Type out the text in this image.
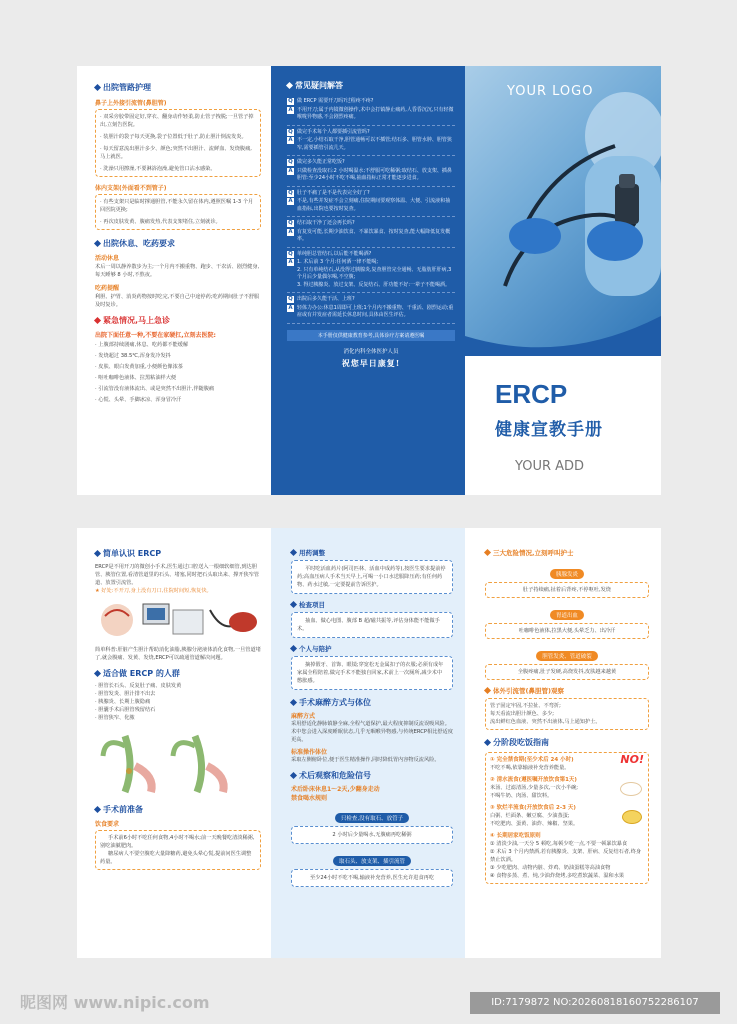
出院管路护理
鼻子上外接引流管(鼻胆管)
· 双采旁胶带固定好,穿衣、翻身动作轻柔,防止管子拽脱;一旦管子掉出,立刻告医院。
· 装胆汁的袋子每天更换,袋子位置低于肚子,防止胆汁倒流发炎。
· 每天留意流出胆汁多少、颜色;突然不出胆汁、流鲜血、发烧腹痛,马上就医。
· 洗澡只用擦澡,不要淋浴泡澡,避免管口沾水感染。
体内支架(外面看不到管子)
· 有些支架只是临时撑通胆管,不能永久留在体内,遵照医嘱 1-3 个月回医院更换;
· 再次皮肤发黄、腹痛发热,代表支架堵住,立刻就诊。
出院休息、吃药要求
活动休息
术后一周以静养散步为主;一个月内不搬重物、跑步、干农活、剧烈健身,每天睡够 8 小时,不熬夜。
吃药提醒
利胆、护胃、消炎药物按时吃完,不要自己中途停药;吃药期间肚子不舒服及时复诊。
紧急情况,马上急诊
出院下面任意一种,不要在家硬扛,立刻去医院:
· 上腹部持续剧痛,休息、吃药都不能缓解
· 发烧超过 38.5℃,浑身发冷发抖
· 皮肤、眼白发黄加重,小便颜色像浓茶
· 呕吐咖啡色液体、拉黑粘油样大便
· 引流管没有液体流出、或是突然不出胆汁,伴随腹痛
· 心慌、头晕、手脚冰凉、浑身冒冷汗
常见疑问解答
Q 做 ERCP 需要开刀吗?过程疼不疼?
A 不用开刀;属于内镜微创操作,术中会打镇静止痛药,人昏昏沉沉,只有轻微喉咙异物感,不会剧烈疼痛。
Q 做完手术每个人都要插引流管吗?
A 不一定,小结石取干净,胆管通畅可以不插管;结石多、胆管水肿、胆管狭窄,需要插管引流几天。
Q 做完多久能正常吃饭?
A 只做检查没取石:2 小时喝温水;不舒服可吃稀粥;取结石、放支架、插鼻胆管:至少24小时不吃不喝,抽血指标正常才能逐步进食。
Q 肚子不痛了是不是代表完全好了?
A 不是,有些并发症不会立刻痛,住院期间要观察体温、大便、引流液和抽血指标,出院也要按时复查。
Q 结石取干净了还会再长吗?
A 有复发可能,长期少油饮食、不暴饮暴食、按时复查,能大幅降低复发概率。
Q 单纯胆总管结石,以后能不能喝酒?
A 1. 术后前 3 个月:任何酒一律不能喝;
2. 只有单纯结石,从没得过胰腺炎,复查胆管完全通畅、无脂肪肝肝病,3 个月后少量偶尔喝,不空腹;
3. 得过胰腺炎、放过支架、反复结石、肝功能不好:一辈子不能喝酒。
Q 出院后多久能干活、上班?
A 轻体力办公:休息1周即可上班;1个月内不搬重物、干重活、剧烈运动;重症或有并发症者需延长休息时间,具体由医生评估。
本手册仅供健康教育参考,具体诊疗方案请遵医嘱
消化内科全体医护人员
祝您早日康复!
YOUR LOGO
ERCP
健康宣教手册
YOUR ADD
简单认识 ERCP
ERCP是不用开刀的微创小手术,医生通过口腔送入一根细软细管,到达胆管、胰管位置,看清管道里的石头、堵塞,同时把石头取出来、撑开狭窄管道、放置引流管。
★ 好处:不开刀,身上没有刀口,住院时间短,恢复快。
简单科普:肝脏产生胆汁帮助消化油脂,胰腺分泌液体消化食物,一旦管道堵了,就会腹痛、发黄、发烧,ERCP可以疏通管道解决问题。
适合做 ERCP 的人群
· 胆管长石头、反复肚子痛、皮肤发黄
· 胆管发炎、胆汁排不出去
· 胰腺炎、长期上腹隐痛
· 胆囊手术后胆管残留结石
· 胆管狭窄、化脓
手术前准备
饮食要求
手术前6小时不吃任何食物,4小时不喝水;前一天晚餐吃清淡稀粥,别吃油腻肥肉。
糖尿病人不要空腹吃大量降糖药,避免头晕心慌,提前问医生调整药量。
用药调整
平时吃活血药片(阿司匹林、活血中成药等),按医生要求提前停药;高血压病人手术当天早上,可喝一小口水送服降压药;有任何药物、药水过敏,一定要提前告诉医护。
检查项目
抽血、做心电图、腹部 B 超/磁共振等,评估身体能不能做手术。
个人与陪护
摘掉假牙、首饰、眼镜;穿宽松无金属扣子的衣服;必须有成年家属全程陪着,做完手术不能独自回家,术前上一次厕所,减少术中憋胀感。
手术麻醉方式与体位
麻醉方式
采用舒适化静脉镇静全麻,全程气道保护,最大程度抑制反流误吸风险。术中您会进入深度睡眠状态,几乎无咽喉异物感,与传统ERCP相比舒适度更高。
标准操作体位
采取左侧俯卧位,便于医生精准操作,同时降低胃内容物反流风险。
术后观察和危险信号
术后卧床休息1～2天,少翻身走动
禁食喝水规则
只检查,没有取石、放管子
2 小时后少量喝水,无腹痛再吃稀粥
取石头、放支架、插引流管
至少24小时不吃不喝,输液补充营养,医生允许进食再吃
三大危险情况,立刻呼叫护士
胰腺发炎
肚子持续痛,扯着后背疼,不停呕吐,发烧
胃道出血
吐咖啡色液体,拉黑大便,头晕乏力、出冷汗
胆管发炎、管道破裂
全腹疼痛,肚子发硬,高烧发抖,皮肤越来越黄
体外引流管(鼻胆管)观察
管子固定牢固,不拉扯、不弯折;
每天看流出胆汁颜色、多少;
流出鲜红色血液、突然不出液体,马上通知护士。
分阶段吃饭指南
① 完全禁食期(至少术后 24 小时)
不吃不喝,依靠输液补充营养能量。
NO!
② 清水流食(遵医嘱开放饮食第1天)
米汤、过滤清汤,少量多次,一次小半碗;
不喝牛奶、肉汤、甜饮料。
③ 软烂半流食(开放饮食后 2-3 天)
白粥、烂面条、嫩豆腐、少油蒸蛋;
不吃肥肉、蛋黄、油炸、辣椒、坚果。
④ 长期居家吃饭原则
① 清淡少油,一天分 5 顿吃,每顿少吃一点,不要一顿暴饮暴食
② 术后 3 个月内禁酒,若有胰腺炎、支架、肝病、反复结石者,终身禁止饮酒。
③ 少吃肥肉、动物内脏、炸鸡、奶油蛋糕等高油食物
④ 食物多蒸、煮、炖,少油炸烧烤,多吃煮软蔬菜、温和水果
昵图网 www.nipic.com	ID:7179872 NO:20260818160752286107
